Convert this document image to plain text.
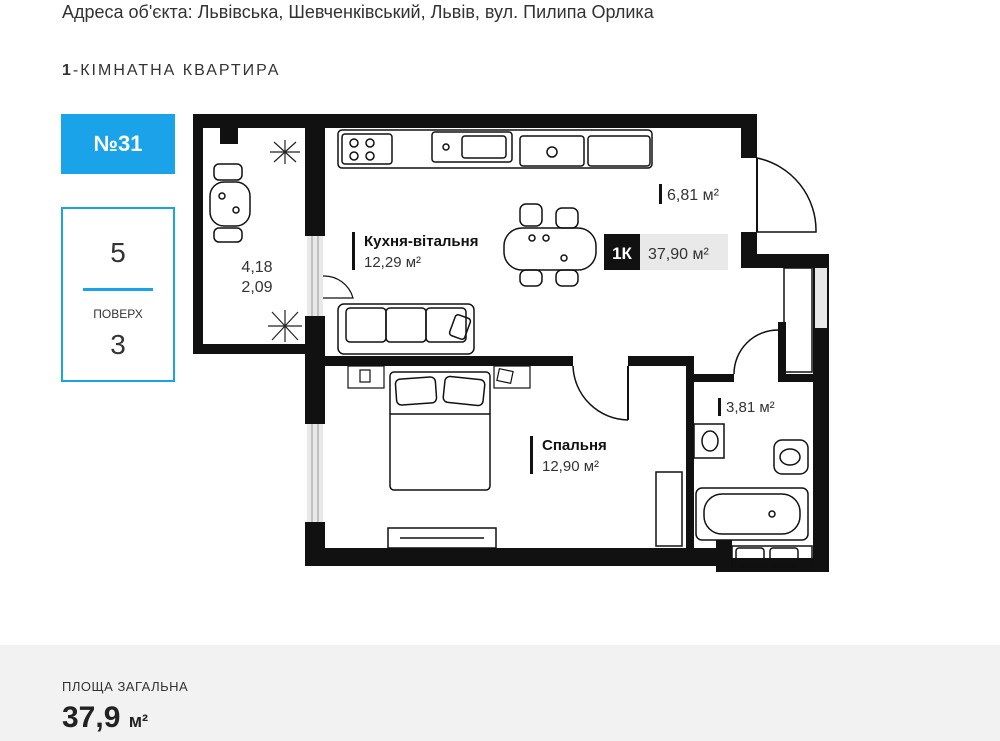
Адреса об'єкта: Львівська, Шевченківський, Львів, вул. Пилипа Орлика
1-КІМНАТНА КВАРТИРА
№31
5
ПОВЕРХ
3
4,18
2,09
Кухня-вітальня
12,29 м²
6,81 м²
1К 37,90 м²
Спальня
12,90 м²
3,81 м²
ПЛОЩА ЗАГАЛЬНА
37,9 м²
